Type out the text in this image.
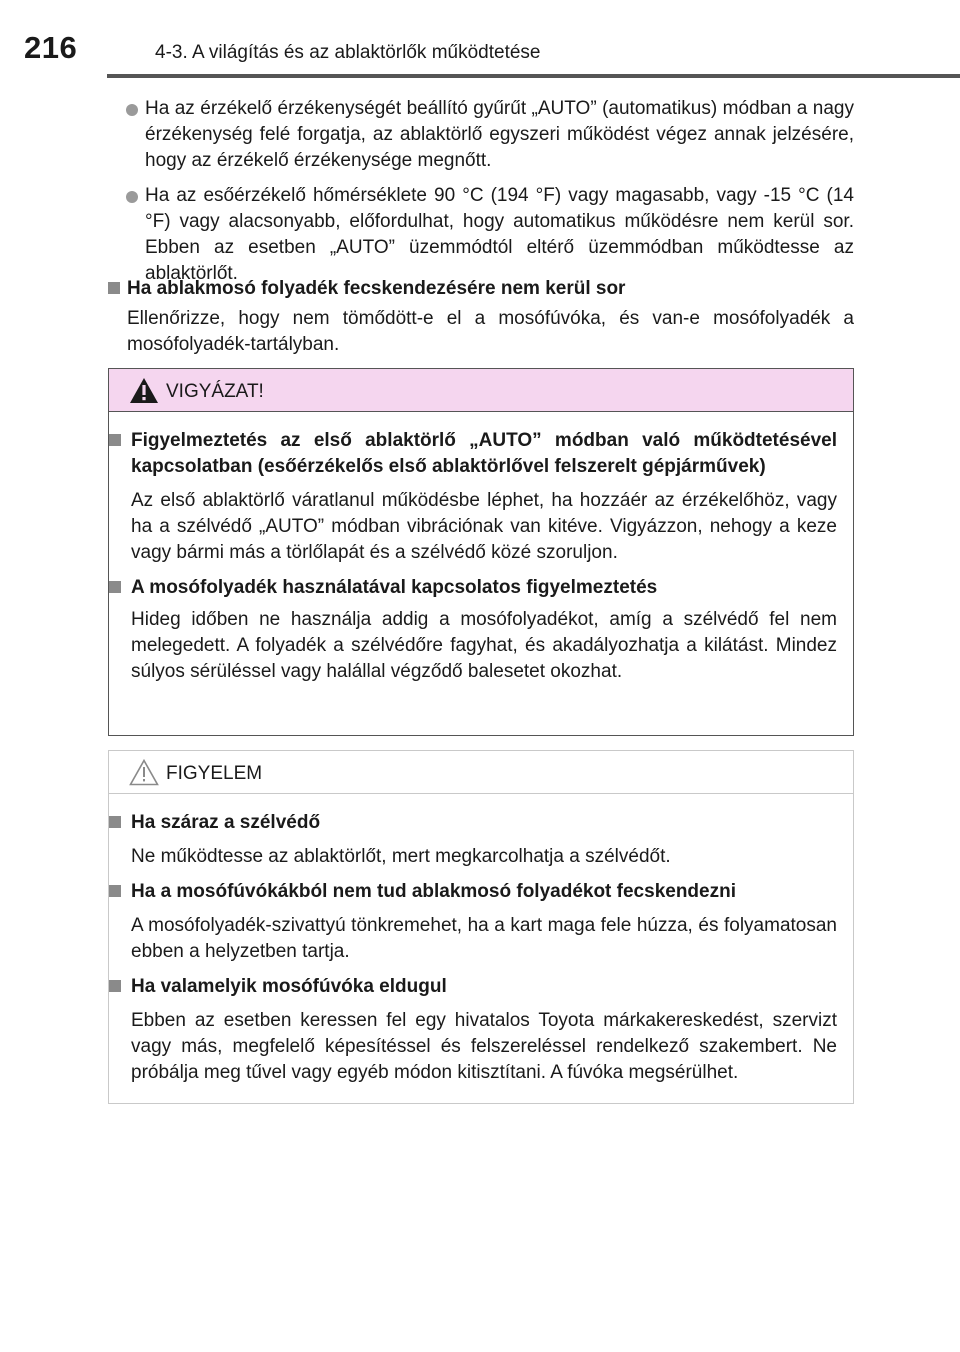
216	4-3. A világítás és az ablaktörlők működtetése
Ha az érzékelő érzékenységét beállító gyűrűt „AUTO” (automatikus) módban a nagy érzékenység felé forgatja, az ablaktörlő egyszeri működést végez annak jelzésére, hogy az érzékelő érzékenysége megnőtt.
Ha az esőérzékelő hőmérséklete 90 °C (194 °F) vagy magasabb, vagy -15 °C (14 °F) vagy alacsonyabb, előfordulhat, hogy automatikus működésre nem kerül sor. Ebben az esetben „AUTO” üzemmódtól eltérő üzemmódban működtesse az ablaktörlőt.
Ha ablakmosó folyadék fecskendezésére nem kerül sor
Ellenőrizze, hogy nem tömődött-e el a mosófúvóka, és van-e mosófolyadék a mosófolyadék-tartályban.
VIGYÁZAT!
Figyelmeztetés az első ablaktörlő „AUTO” módban való működtetésével kapcsolatban (esőérzékelős első ablaktörlővel felszerelt gépjárművek)
Az első ablaktörlő váratlanul működésbe léphet, ha hozzáér az érzékelőhöz, vagy ha a szélvédő „AUTO” módban vibrációnak van kitéve. Vigyázzon, nehogy a keze vagy bármi más a törlőlapát és a szélvédő közé szoruljon.
A mosófolyadék használatával kapcsolatos figyelmeztetés
Hideg időben ne használja addig a mosófolyadékot, amíg a szélvédő fel nem melegedett. A folyadék a szélvédőre fagyhat, és akadályozhatja a kilátást. Mindez súlyos sérüléssel vagy halállal végződő balesetet okozhat.
FIGYELEM
Ha száraz a szélvédő
Ne működtesse az ablaktörlőt, mert megkarcolhatja a szélvédőt.
Ha a mosófúvókákból nem tud ablakmosó folyadékot fecskendezni
A mosófolyadék-szivattyú tönkremehet, ha a kart maga fele húzza, és folyamatosan ebben a helyzetben tartja.
Ha valamelyik mosófúvóka eldugul
Ebben az esetben keressen fel egy hivatalos Toyota márkakereskedést, szervizt vagy más, megfelelő képesítéssel és felszereléssel rendelkező szakembert. Ne próbálja meg tűvel vagy egyéb módon kitisztítani. A fúvóka megsérülhet.
